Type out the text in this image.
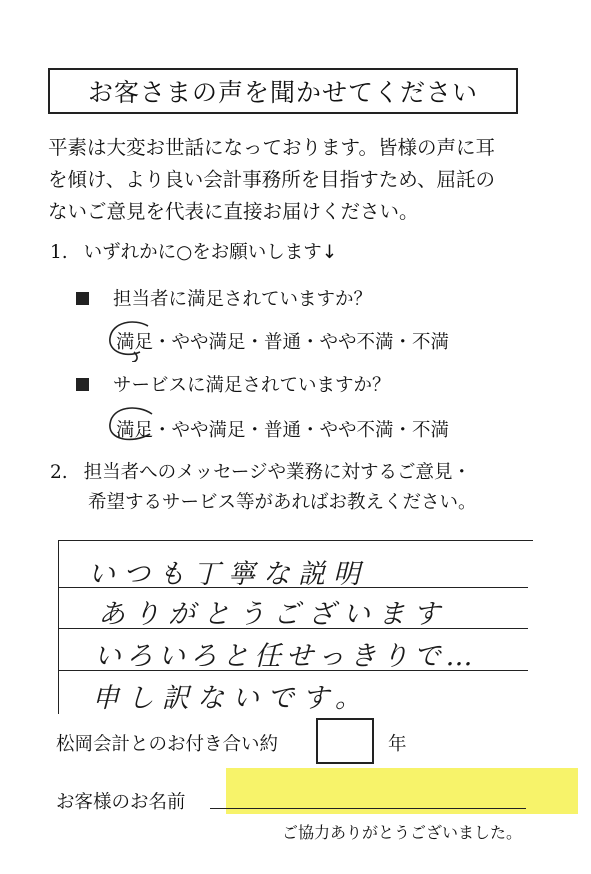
お客さまの声を聞かせてください
平素は大変お世話になっております。皆様の声に耳
を傾け、より良い会計事務所を目指すため、屈託の
ないご意見を代表に直接お届けください。
1. いずれかに○をお願いします↓
担当者に満足されていますか？
満足・やや満足・普通・やや不満・不満
サービスに満足されていますか？
満足・やや満足・普通・やや不満・不満
2. 担当者へのメッセージや業務に対するご意見・
希望するサービス等があればお教えください。
いつも丁寧な説明
ありがとうございます
いろいろと任せっきりで…
申し訳ないです。
松岡会計とのお付き合い約	年
お客様のお名前
ご協力ありがとうございました。
